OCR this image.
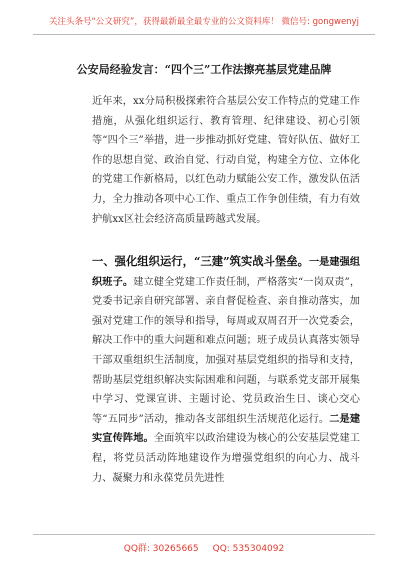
关注头条号“公文研究”，获得最新最全最专业的公文资料库！ 微信号: gongwenyj
公安局经验发言：“四个三”工作法擦亮基层党建品牌

近年来，xx分局积极探索符合基层公安工作特点的党建工作措施，从强化组织运行、教育管理、纪律建设、初心引领等“四个三”举措，进一步推动抓好党建、管好队伍、做好工作的思想自觉、政治自觉、行动自觉，构建全方位、立体化的党建工作新格局，以红色动力赋能公安工作，激发队伍活力，全力推动各项中心工作、重点工作争创佳绩，有力有效护航xx区社会经济高质量跨越式发展。

一、强化组织运行，“三建”筑实战斗堡垒。一是建强组织班子。建立健全党建工作责任制，严格落实“一岗双责”，党委书记亲自研究部署、亲自督促检查、亲自推动落实，加强对党建工作的领导和指导，每周或双周召开一次党委会，解决工作中的重大问题和难点问题；班子成员认真落实领导干部双重组织生活制度，加强对基层党组织的指导和支持，帮助基层党组织解决实际困难和问题，与联系党支部开展集中学习、党课宣讲、主题讨论、党员政治生日、谈心交心等“五同步”活动，推动各支部组织生活规范化运行。二是建实宣传阵地。全面筑牢以政治建设为核心的公安基层党建工程，将党员活动阵地建设作为增强党组织的向心力、战斗力、凝聚力和永葆党员先进性

QQ群: 30265665 QQ: 535304092
